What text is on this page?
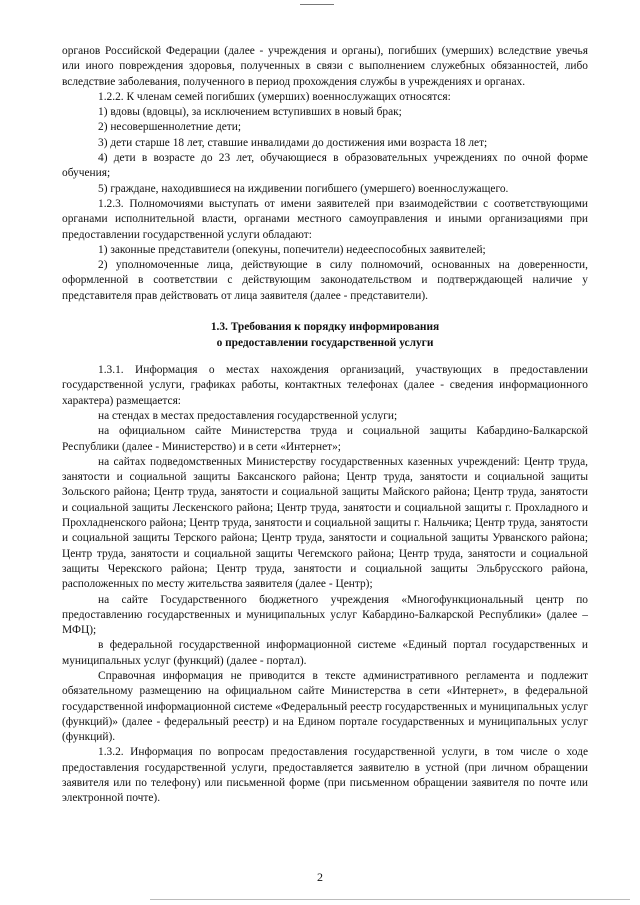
органов Российской Федерации (далее - учреждения и органы), погибших (умерших) вследствие увечья или иного повреждения здоровья, полученных в связи с выполнением служебных обязанностей, либо вследствие заболевания, полученного в период прохождения службы в учреждениях и органах.

1.2.2. К членам семей погибших (умерших) военнослужащих относятся:

1) вдовы (вдовцы), за исключением вступивших в новый брак;

2) несовершеннолетние дети;

3) дети старше 18 лет, ставшие инвалидами до достижения ими возраста 18 лет;

4) дети в возрасте до 23 лет, обучающиеся в образовательных учреждениях по очной форме обучения;

5) граждане, находившиеся на иждивении погибшего (умершего) военнослужащего.

1.2.3. Полномочиями выступать от имени заявителей при взаимодействии с соответствующими органами исполнительной власти, органами местного самоуправления и иными организациями при предоставлении государственной услуги обладают:

1) законные представители (опекуны, попечители) недееспособных заявителей;

2) уполномоченные лица, действующие в силу полномочий, основанных на доверенности, оформленной в соответствии с действующим законодательством и подтверждающей наличие у представителя прав действовать от лица заявителя (далее - представители).

1.3. Требования к порядку информирования
о предоставлении государственной услуги

1.3.1. Информация о местах нахождения организаций, участвующих в предоставлении государственной услуги, графиках работы, контактных телефонах (далее - сведения информационного характера) размещается:

на стендах в местах предоставления государственной услуги;

на официальном сайте Министерства труда и социальной защиты Кабардино-Балкарской Республики (далее - Министерство) и в сети «Интернет»;

на сайтах подведомственных Министерству государственных казенных учреждений: Центр труда, занятости и социальной защиты Баксанского района; Центр труда, занятости и социальной защиты Зольского района; Центр труда, занятости и социальной защиты Майского района; Центр труда, занятости и социальной защиты Лескенского района; Центр труда, занятости и социальной защиты г. Прохладного и Прохладненского района; Центр труда, занятости и социальной защиты г. Нальчика; Центр труда, занятости и социальной защиты Терского района; Центр труда, занятости и социальной защиты Урванского района; Центр труда, занятости и социальной защиты Чегемского района; Центр труда, занятости и социальной защиты Черекского района; Центр труда, занятости и социальной защиты Эльбрусского района, расположенных по месту жительства заявителя (далее - Центр);

на сайте Государственного бюджетного учреждения «Многофункциональный центр по предоставлению государственных и муниципальных услуг Кабардино-Балкарской Республики» (далее – МФЦ);

в федеральной государственной информационной системе «Единый портал государственных и муниципальных услуг (функций) (далее - портал).

Справочная информация не приводится в тексте административного регламента и подлежит обязательному размещению на официальном сайте Министерства в сети «Интернет», в федеральной государственной информационной системе «Федеральный реестр государственных и муниципальных услуг (функций)» (далее - федеральный реестр) и на Едином портале государственных и муниципальных услуг (функций).

1.3.2. Информация по вопросам предоставления государственной услуги, в том числе о ходе предоставления государственной услуги, предоставляется заявителю в устной (при личном обращении заявителя или по телефону) или письменной форме (при письменном обращении заявителя по почте или электронной почте).

2
